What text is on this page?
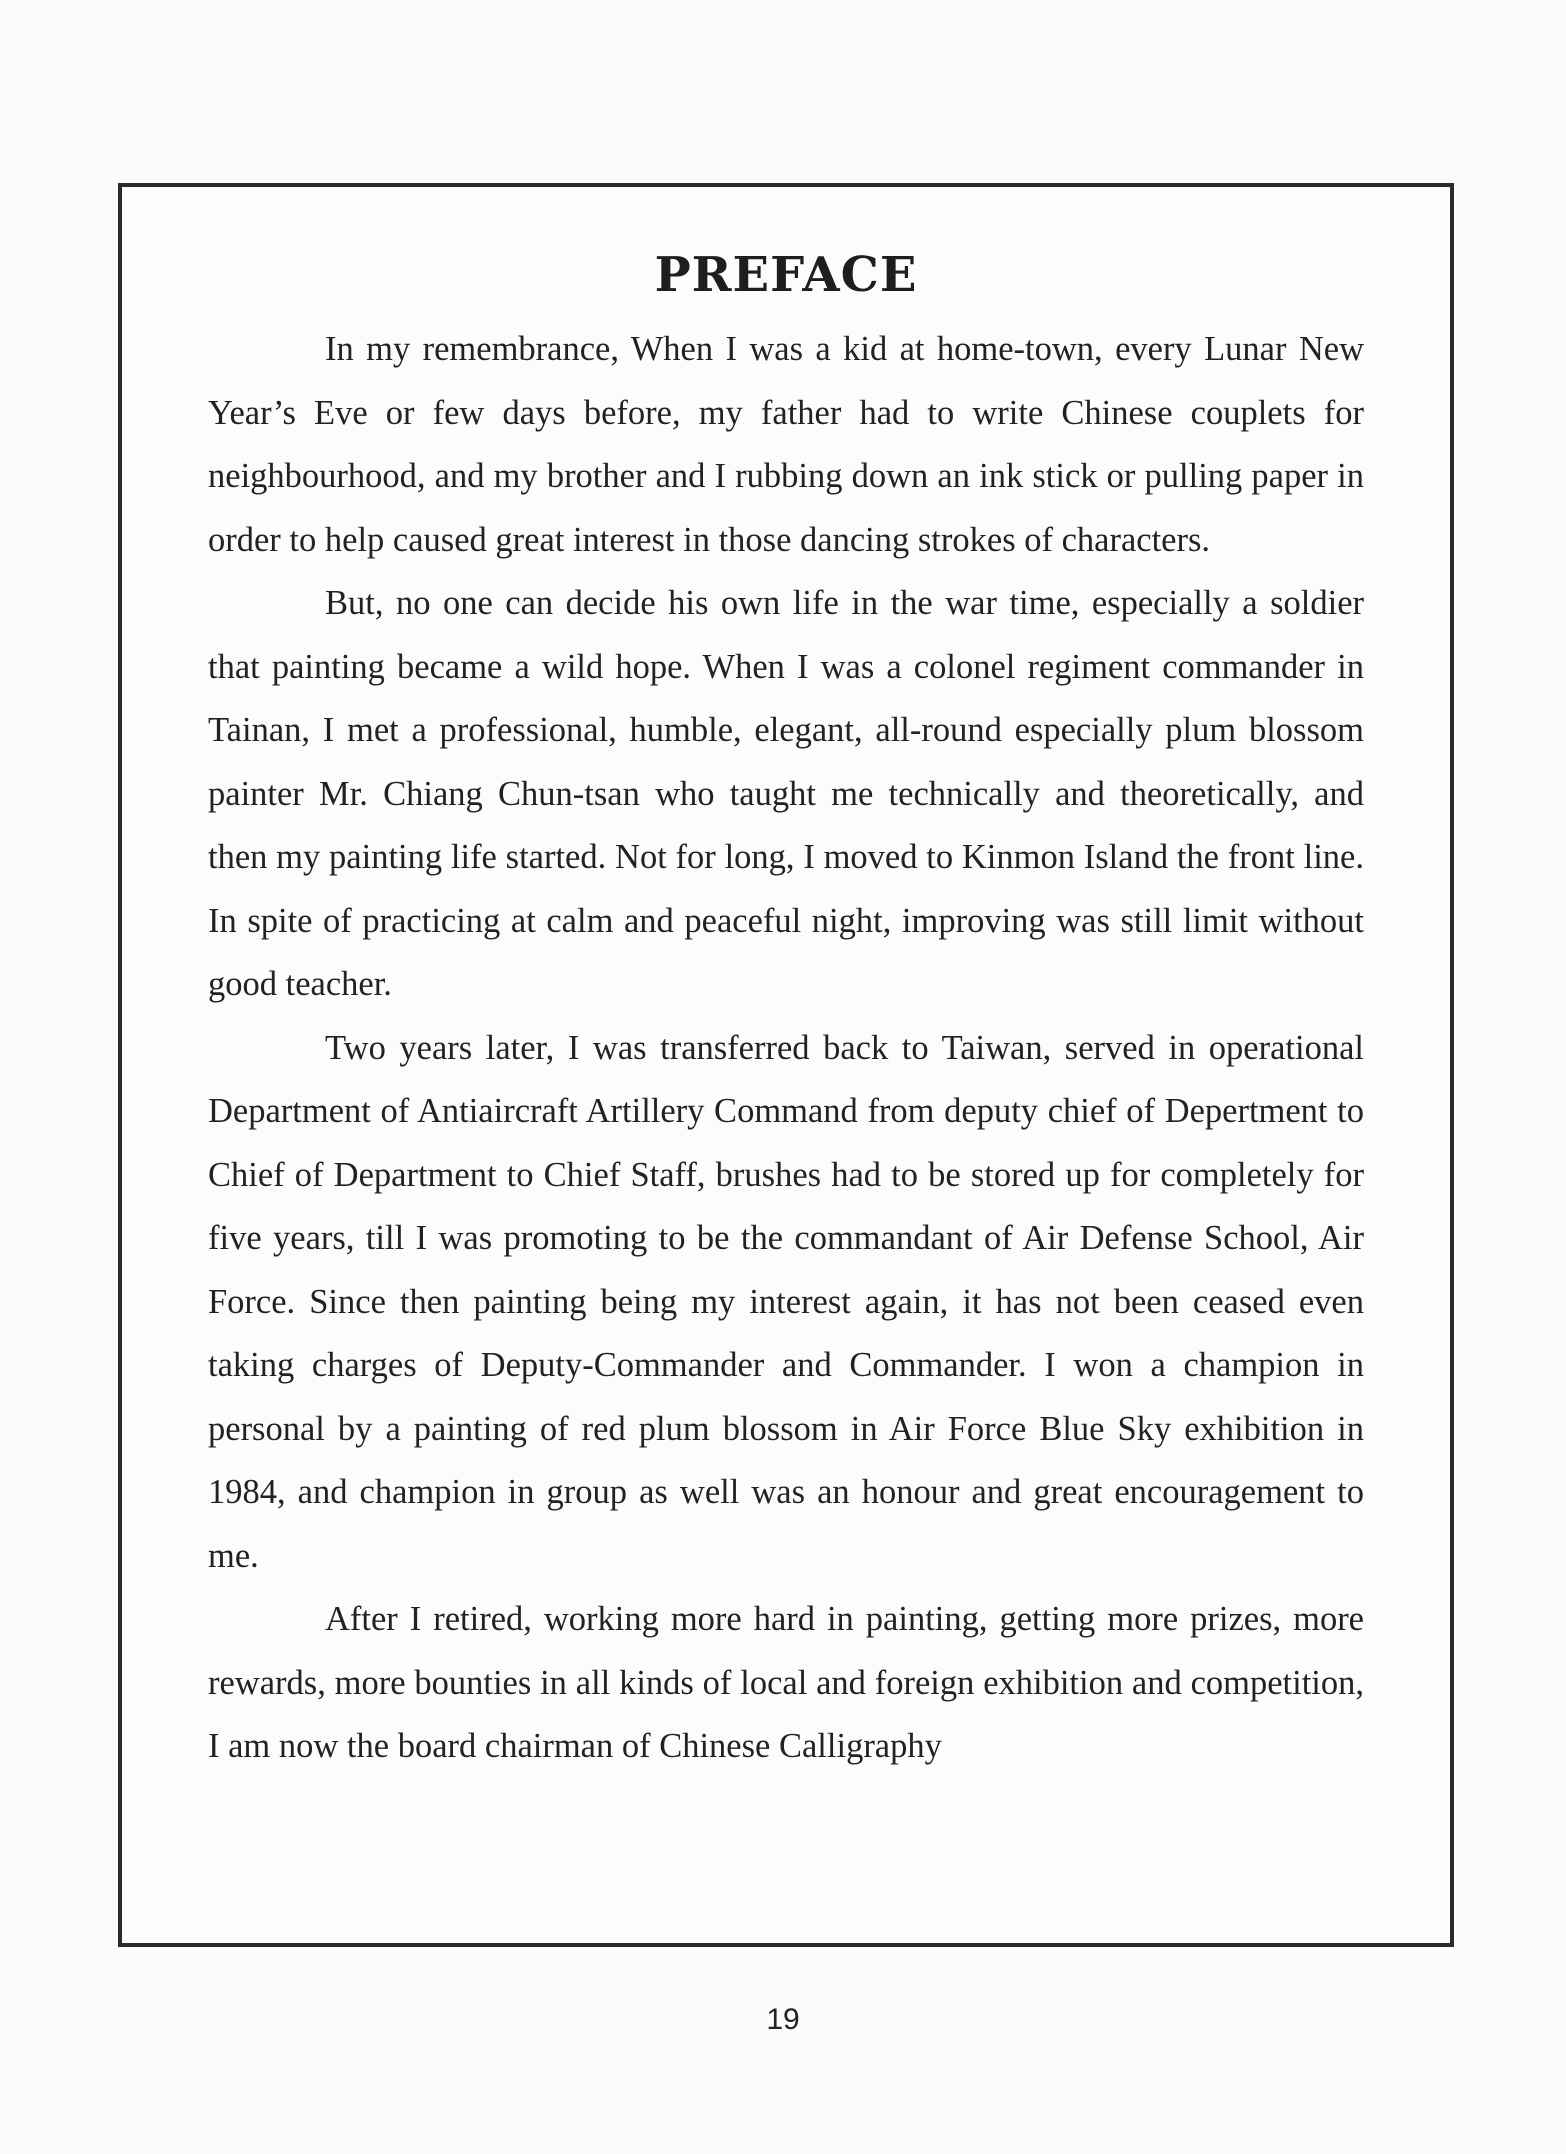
PREFACE

In my remembrance, When I was a kid at home-town, every Lunar New Year’s Eve or few days before, my father had to write Chinese couplets for neighbourhood, and my brother and I rubbing down an ink stick or pulling paper in order to help caused great interest in those dancing strokes of characters.

But, no one can decide his own life in the war time, especially a soldier that painting became a wild hope. When I was a colonel regiment commander in Tainan, I met a professional, humble, elegant, all-round especially plum blossom painter Mr. Chiang Chun-tsan who taught me technically and theoretically, and then my painting life started. Not for long, I moved to Kinmon Island the front line. In spite of practicing at calm and peaceful night, improving was still limit without good teacher.

Two years later, I was transferred back to Taiwan, served in operational Department of Antiaircraft Artillery Command from deputy chief of Depertment to Chief of Department to Chief Staff, brushes had to be stored up for completely for five years, till I was promoting to be the commandant of Air Defense School, Air Force. Since then painting being my interest again, it has not been ceased even taking charges of Deputy-Commander and Commander. I won a champion in personal by a painting of red plum blossom in Air Force Blue Sky exhibition in 1984, and champion in group as well was an honour and great encouragement to me.

After I retired, working more hard in painting, getting more prizes, more rewards, more bounties in all kinds of local and foreign exhibition and competition, I am now the board chairman of Chinese Calligraphy

19
